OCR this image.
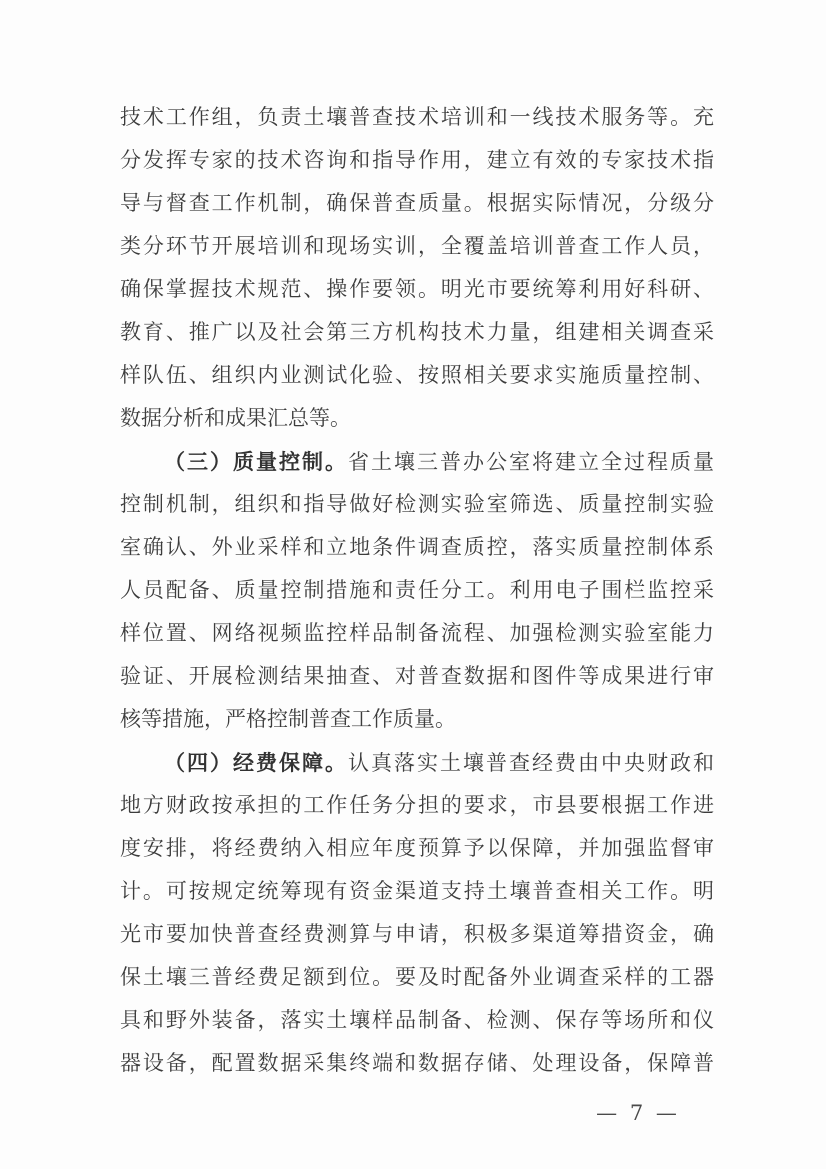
技术工作组，负责土壤普查技术培训和一线技术服务等。充
分发挥专家的技术咨询和指导作用，建立有效的专家技术指
导与督查工作机制，确保普查质量。根据实际情况，分级分
类分环节开展培训和现场实训，全覆盖培训普查工作人员，
确保掌握技术规范、操作要领。明光市要统筹利用好科研、
教育、推广以及社会第三方机构技术力量，组建相关调查采
样队伍、组织内业测试化验、按照相关要求实施质量控制、
数据分析和成果汇总等。
（三）质量控制。省土壤三普办公室将建立全过程质量
控制机制，组织和指导做好检测实验室筛选、质量控制实验
室确认、外业采样和立地条件调查质控，落实质量控制体系
人员配备、质量控制措施和责任分工。利用电子围栏监控采
样位置、网络视频监控样品制备流程、加强检测实验室能力
验证、开展检测结果抽查、对普查数据和图件等成果进行审
核等措施，严格控制普查工作质量。
（四）经费保障。认真落实土壤普查经费由中央财政和
地方财政按承担的工作任务分担的要求，市县要根据工作进
度安排，将经费纳入相应年度预算予以保障，并加强监督审
计。可按规定统筹现有资金渠道支持土壤普查相关工作。明
光市要加快普查经费测算与申请，积极多渠道筹措资金，确
保土壤三普经费足额到位。要及时配备外业调查采样的工器
具和野外装备，落实土壤样品制备、检测、保存等场所和仪
器设备，配置数据采集终端和数据存储、处理设备，保障普
— 7 —
